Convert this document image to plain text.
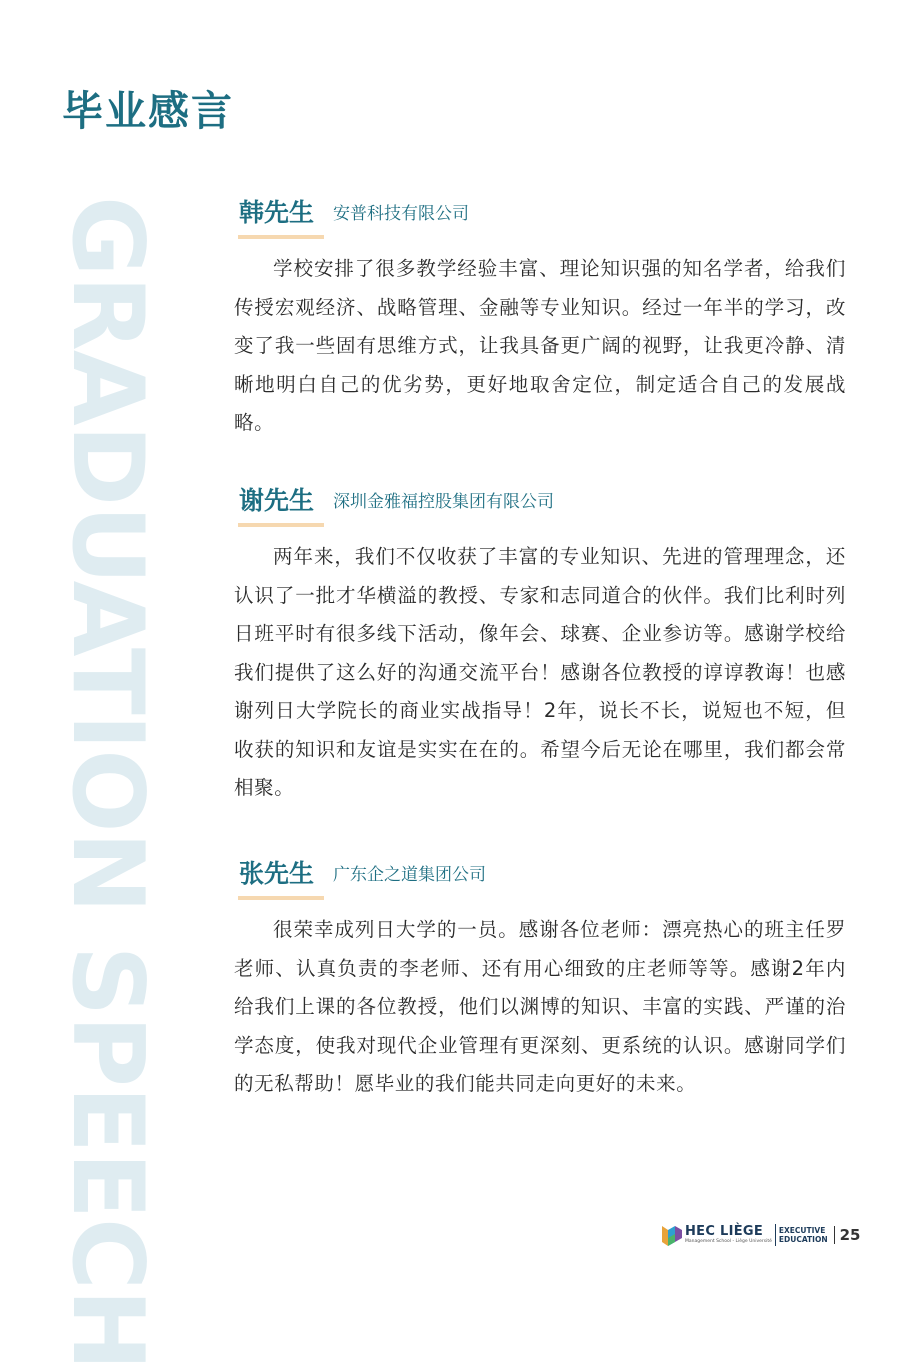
毕业感言
GRADUATION SPEECH	韩先生 安普科技有限公司

学校安排了很多教学经验丰富、理论知识强的知名学者，给我们传授宏观经济、战略管理、金融等专业知识。经过一年半的学习，改变了我一些固有思维方式，让我具备更广阔的视野，让我更冷静、清晰地明白自己的优劣势，更好地取舍定位，制定适合自己的发展战略。

谢先生 深圳金雅福控股集团有限公司

两年来，我们不仅收获了丰富的专业知识、先进的管理理念，还认识了一批才华横溢的教授、专家和志同道合的伙伴。我们比利时列日班平时有很多线下活动，像年会、球赛、企业参访等。感谢学校给我们提供了这么好的沟通交流平台！感谢各位教授的谆谆教诲！也感谢列日大学院长的商业实战指导！2年，说长不长，说短也不短，但收获的知识和友谊是实实在在的。希望今后无论在哪里，我们都会常相聚。

张先生 广东企之道集团公司

很荣幸成列日大学的一员。感谢各位老师：漂亮热心的班主任罗老师、认真负责的李老师、还有用心细致的庄老师等等。感谢2年内给我们上课的各位教授，他们以渊博的知识、丰富的实践、严谨的治学态度，使我对现代企业管理有更深刻、更系统的认识。感谢同学们的无私帮助！愿毕业的我们能共同走向更好的未来。

HEC LIÈGE
Management School - Liège Université
EXECUTIVE
EDUCATION 25
